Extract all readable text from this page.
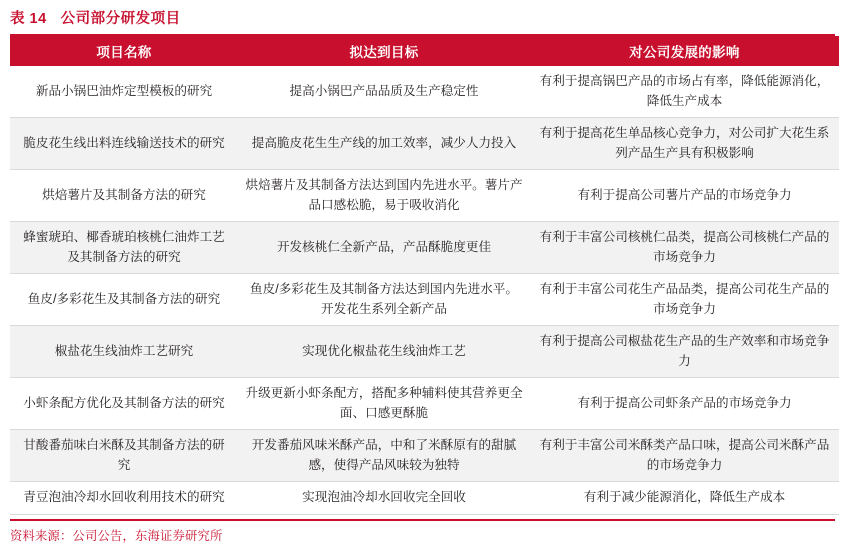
表 14 公司部分研发项目
项目名称	拟达到目标	对公司发展的影响
新品小锅巴油炸定型模板的研究	提高小锅巴产品品质及生产稳定性	有利于提高锅巴产品的市场占有率，降低能源消化，降低生产成本
脆皮花生线出料连线输送技术的研究	提高脆皮花生生产线的加工效率，减少人力投入	有利于提高花生单品核心竞争力，对公司扩大花生系列产品生产具有积极影响
烘焙薯片及其制备方法的研究	烘焙薯片及其制备方法达到国内先进水平。薯片产品口感松脆，易于吸收消化	有利于提高公司薯片产品的市场竞争力
蜂蜜琥珀、椰香琥珀核桃仁油炸工艺及其制备方法的研究	开发核桃仁全新产品，产品酥脆度更佳	有利于丰富公司核桃仁品类，提高公司核桃仁产品的市场竞争力
鱼皮/多彩花生及其制备方法的研究	鱼皮/多彩花生及其制备方法达到国内先进水平。开发花生系列全新产品	有利于丰富公司花生产品品类，提高公司花生产品的市场竞争力
椒盐花生线油炸工艺研究	实现优化椒盐花生线油炸工艺	有利于提高公司椒盐花生产品的生产效率和市场竞争力
小虾条配方优化及其制备方法的研究	升级更新小虾条配方，搭配多种辅料使其营养更全面、口感更酥脆	有利于提高公司虾条产品的市场竞争力
甘酸番茄味白米酥及其制备方法的研究	开发番茄风味米酥产品，中和了米酥原有的甜腻感，使得产品风味较为独特	有利于丰富公司米酥类产品口味，提高公司米酥产品的市场竞争力
青豆泡油冷却水回收利用技术的研究	实现泡油冷却水回收完全回收	有利于减少能源消化，降低生产成本
资料来源：公司公告，东海证券研究所
